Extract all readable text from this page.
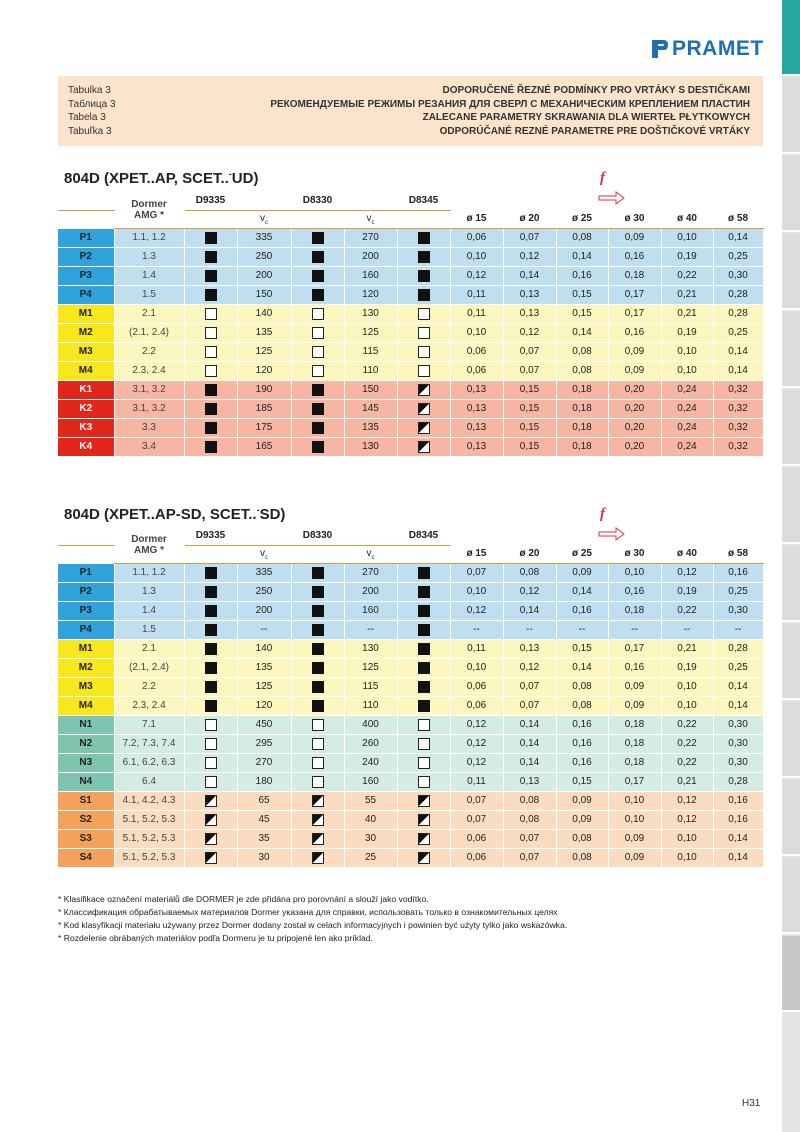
PRAMET
Tabulka 3
Таблица 3
Tabela 3
Tabuľka 3
DOPORUČENÉ ŘEZNÉ PODMÍNKY PRO VRTÁKY S DESTIČKAMI
РЕКОМЕНДУЕМЫЕ РЕЖИМЫ РЕЗАНИЯ ДЛЯ СВЕРЛ С МЕХАНИЧЕСКИМ КРЕПЛЕНИЕМ ПЛАСТИН
ZALECANE PARAMETRY SKRAWANIA DLA WIERTEŁ PŁYTKOWYCH
ODPORÚČANÉ REZNÉ PARAMETRE PRE DOŠTIČKOVÉ VRTÁKY
804D (XPET..AP, SCET..-UD)	f

	Dormer
AMG *	D9335		D8330		D8345						
			$v_c$		$v_c$		ø 15	ø 20	ø 25	ø 30	ø 40	ø 58
P1	1.1, 1.2		335		270		0,06	0,07	0,08	0,09	0,10	0,14
P2	1.3		250		200		0,10	0,12	0,14	0,16	0,19	0,25
P3	1.4		200		160		0,12	0,14	0,16	0,18	0,22	0,30
P4	1.5		150		120		0,11	0,13	0,15	0,17	0,21	0,28
M1	2.1		140		130		0,11	0,13	0,15	0,17	0,21	0,28
M2	(2.1, 2.4)		135		125		0,10	0,12	0,14	0,16	0,19	0,25
M3	2.2		125		115		0,06	0,07	0,08	0,09	0,10	0,14
M4	2.3, 2.4		120		110		0,06	0,07	0,08	0,09	0,10	0,14
K1	3.1, 3.2		190		150		0,13	0,15	0,18	0,20	0,24	0,32
K2	3.1, 3.2		185		145		0,13	0,15	0,18	0,20	0,24	0,32
K3	3.3		175		135		0,13	0,15	0,18	0,20	0,24	0,32
K4	3.4		165		130		0,13	0,15	0,18	0,20	0,24	0,32
804D (XPET..AP-SD, SCET..-SD)	f

	Dormer
AMG *	D9335		D8330		D8345						
			$v_c$		$v_c$		ø 15	ø 20	ø 25	ø 30	ø 40	ø 58
P1	1.1, 1.2		335		270		0,07	0,08	0,09	0,10	0,12	0,16
P2	1.3		250		200		0,10	0,12	0,14	0,16	0,19	0,25
P3	1.4		200		160		0,12	0,14	0,16	0,18	0,22	0,30
P4	1.5		--		--		--	--	--	--	--	--
M1	2.1		140		130		0,11	0,13	0,15	0,17	0,21	0,28
M2	(2.1, 2.4)		135		125		0,10	0,12	0,14	0,16	0,19	0,25
M3	2.2		125		115		0,06	0,07	0,08	0,09	0,10	0,14
M4	2.3, 2.4		120		110		0,06	0,07	0,08	0,09	0,10	0,14
N1	7.1		450		400		0,12	0,14	0,16	0,18	0,22	0,30
N2	7.2, 7.3, 7.4		295		260		0,12	0,14	0,16	0,18	0,22	0,30
N3	6.1, 6.2, 6.3		270		240		0,12	0,14	0,16	0,18	0,22	0,30
N4	6.4		180		160		0,11	0,13	0,15	0,17	0,21	0,28
S1	4.1, 4.2, 4.3		65		55		0,07	0,08	0,09	0,10	0,12	0,16
S2	5.1, 5.2, 5.3		45		40		0,07	0,08	0,09	0,10	0,12	0,16
S3	5.1, 5.2, 5.3		35		30		0,06	0,07	0,08	0,09	0,10	0,14
S4	5.1, 5.2, 5.3		30		25		0,06	0,07	0,08	0,09	0,10	0,14
* Klasifikace označení materiálů dle DORMER je zde přidána pro porovnání a slouží jako vodítko.
* Классификация обрабатываемых материалов Dormer указана для справки, использовать только в ознакомительных целях
* Kod klasyfikacji materiału używany przez Dormer dodany został w celach informacyjnych i powinien być użyty tylko jako wskazówka.
* Rozdelenie obrábaných materiálov podľa Dormeru je tu pripojené len ako príklad.
H31
